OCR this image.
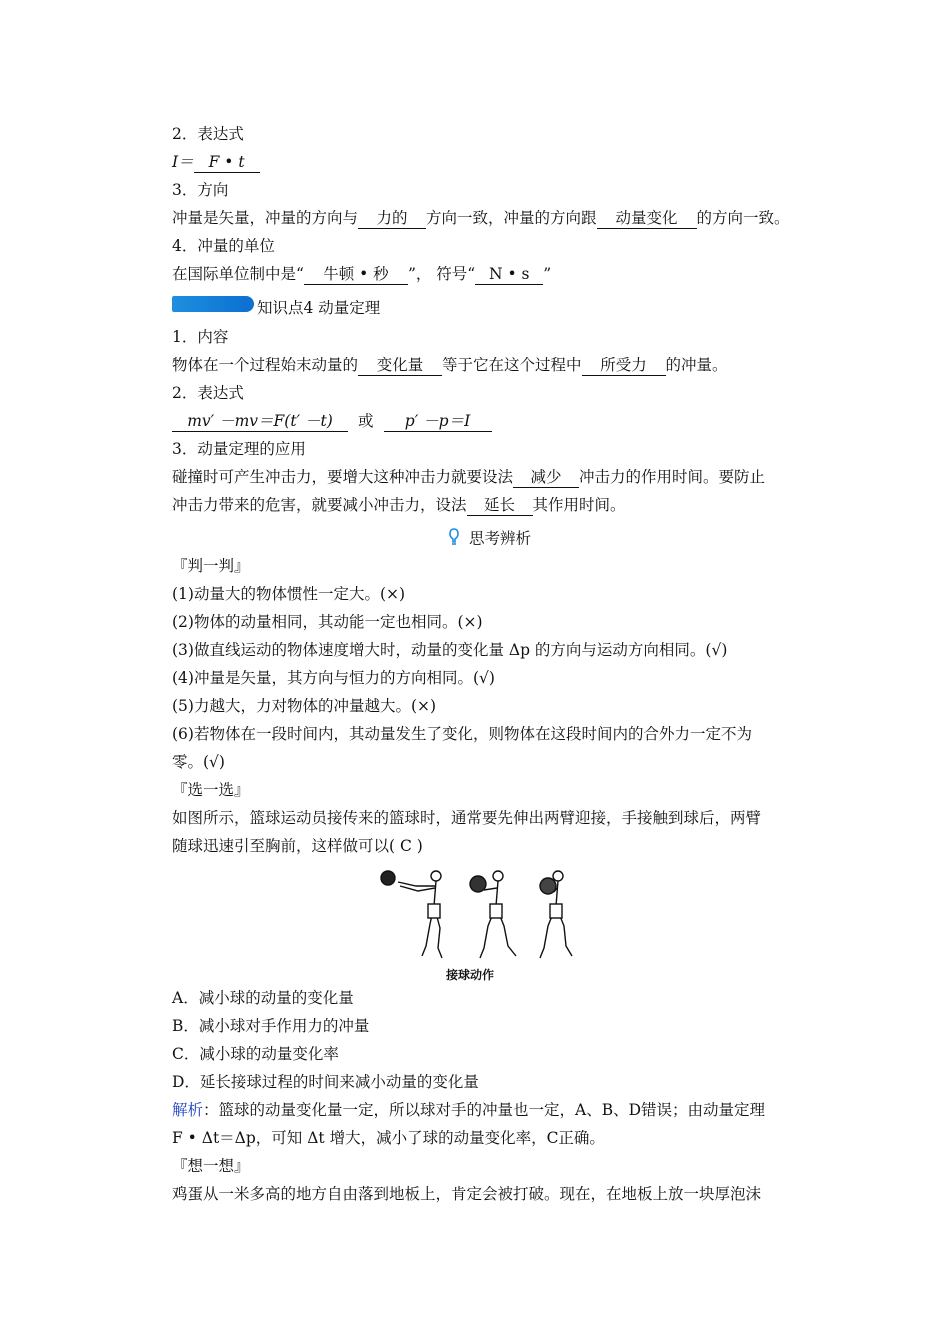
2．表达式
I＝ F • t
3．方向
冲量是矢量，冲量的方向与 力的 方向一致，冲量的方向跟 动量变化 的方向一致。
4．冲量的单位
在国际单位制中是“ 牛顿 • 秒 ”， 符号“ N • s ”
知识点4 动量定理
1．内容
物体在一个过程始末动量的 变化量 等于它在这个过程中 所受力 的冲量。
2．表达式
mv′ －mv＝F(t′ －t) 或 p′ －p＝I
3．动量定理的应用
碰撞时可产生冲击力，要增大这种冲击力就要设法 减少 冲击力的作用时间。要防止
冲击力带来的危害，就要减小冲击力，设法 延长 其作用时间。
思考辨析
『判一判』
(1)动量大的物体惯性一定大。(×)
(2)物体的动量相同，其动能一定也相同。(×)
(3)做直线运动的物体速度增大时，动量的变化量 Δp 的方向与运动方向相同。(√)
(4)冲量是矢量，其方向与恒力的方向相同。(√)
(5)力越大，力对物体的冲量越大。(×)
(6)若物体在一段时间内，其动量发生了变化，则物体在这段时间内的合外力一定不为
零。(√)
『选一选』
如图所示，篮球运动员接传来的篮球时，通常要先伸出两臂迎接，手接触到球后，两臂
随球迅速引至胸前，这样做可以( C )
接球动作
A．减小球的动量的变化量
B．减小球对手作用力的冲量
C．减小球的动量变化率
D．延长接球过程的时间来减小动量的变化量
解析：篮球的动量变化量一定，所以球对手的冲量也一定，A、B、D错误；由动量定理
F • Δt＝Δp，可知 Δt 增大，减小了球的动量变化率，C正确。
『想一想』
鸡蛋从一米多高的地方自由落到地板上，肯定会被打破。现在，在地板上放一块厚泡沫
